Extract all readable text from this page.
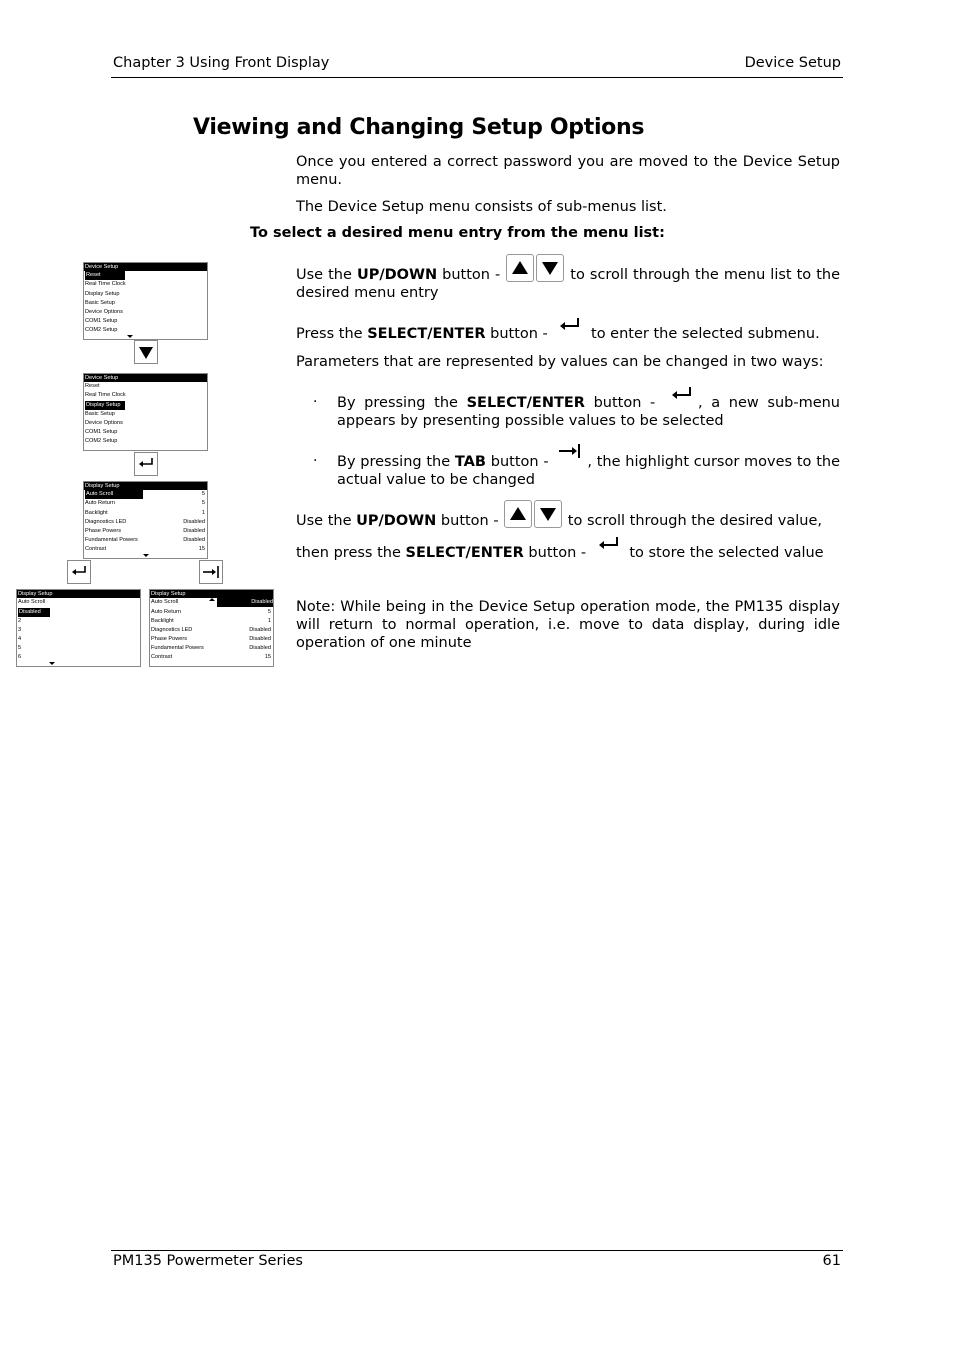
Chapter 3 Using Front Display	Device Setup
Viewing and Changing Setup Options
Once you entered a correct password you are moved to the Device Setup menu.
The Device Setup menu consists of sub-menus list.
To select a desired menu entry from the menu list:
Use the UP/DOWN button -	to scroll through the menu list to the desired menu entry
Press the SELECT/ENTER button -  to enter the selected submenu.
Parameters that are represented by values can be changed in two ways:
· By pressing the SELECT/ENTER button - , a new sub-menu appears by presenting possible values to be selected
· By pressing the TAB button - , the highlight cursor moves to the actual value to be changed
Use the UP/DOWN button -	to scroll through the desired value,
then press the SELECT/ENTER button -  to store the selected value
Note: While being in the Device Setup operation mode, the PM135 display will return to normal operation, i.e. move to data display, during idle operation of one minute
Device Setup
Reset
Real Time Clock
Display Setup
Basic Setup
Device Options
COM1 Setup
COM2 Setup
Device Setup
Reset
Real Time Clock
Display Setup
Basic Setup
Device Options
COM1 Setup
COM2 Setup
Display Setup
Auto Scroll	5
Auto Return	5
Backlight	1
Diagnostics LED	Disabled
Phase Powers	Disabled
Fundamental Powers	Disabled
Contrast	15
Display Setup
Auto Scroll
Disabled
2
3
4
5
6
Display Setup
Auto Scroll	Disabled
Auto Return	5
Backlight	1
Diagnostics LED	Disabled
Phase Powers	Disabled
Fundamental Powers	Disabled
Contrast	15
PM135 Powermeter Series	61
